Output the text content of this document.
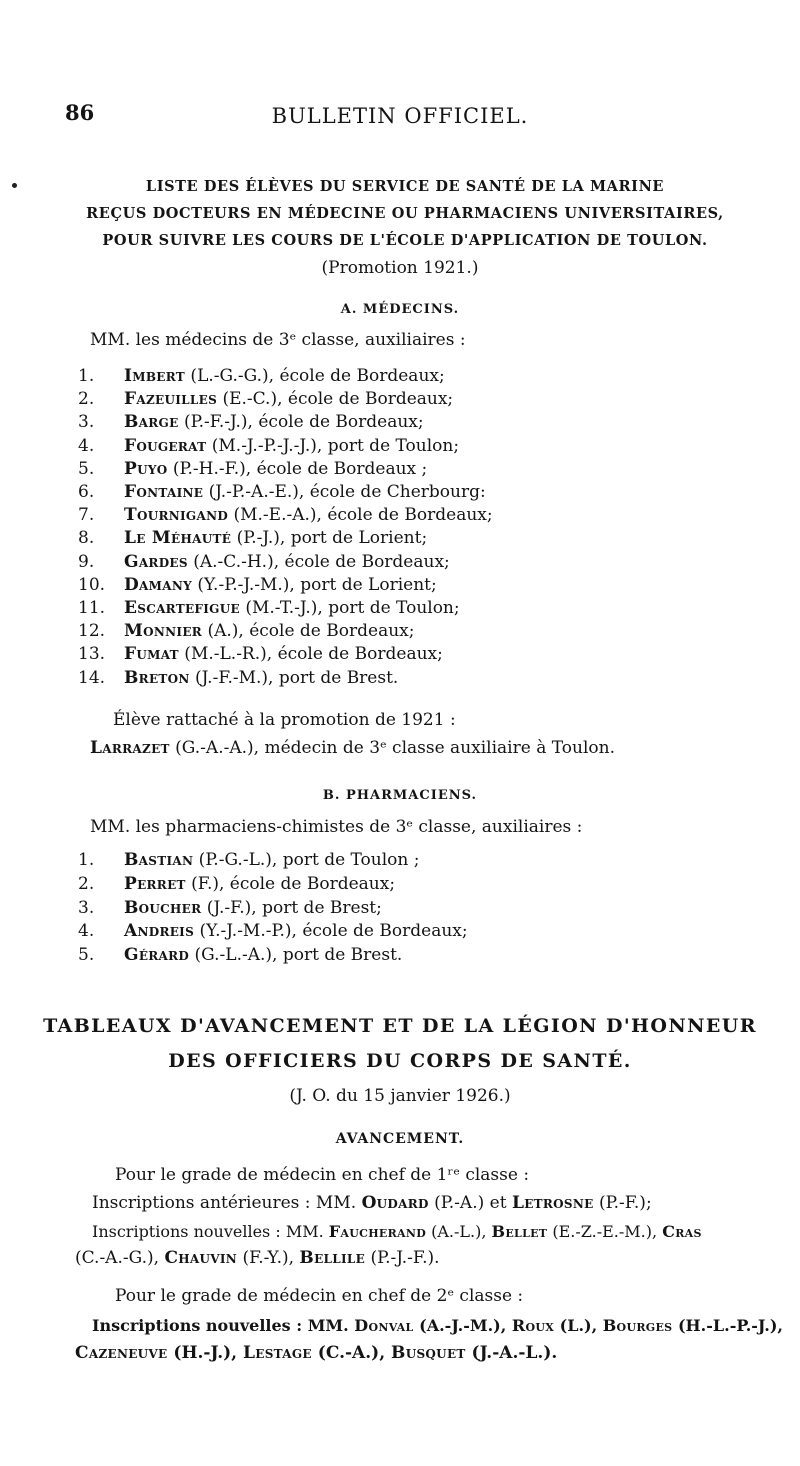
86	BULLETIN OFFICIEL.
LISTE DES ÉLÈVES DU SERVICE DE SANTÉ DE LA MARINE
REÇUS DOCTEURS EN MÉDECINE OU PHARMACIENS UNIVERSITAIRES,
POUR SUIVRE LES COURS DE L'ÉCOLE D'APPLICATION DE TOULON.
(Promotion 1921.)
A. MÉDECINS.
MM. les médecins de 3ᵉ classe, auxiliaires :
1. Imbert (L.-G.-G.), école de Bordeaux;
2. Fazeuilles (E.-C.), école de Bordeaux;
3. Barge (P.-F.-J.), école de Bordeaux;
4. Fougerat (M.-J.-P.-J.-J.), port de Toulon;
5. Puyo (P.-H.-F.), école de Bordeaux ;
6. Fontaine (J.-P.-A.-E.), école de Cherbourg:
7. Tournigand (M.-E.-A.), école de Bordeaux;
8. Le Méhauté (P.-J.), port de Lorient;
9. Gardes (A.-C.-H.), école de Bordeaux;
10. Damany (Y.-P.-J.-M.), port de Lorient;
11. Escartefigue (M.-T.-J.), port de Toulon;
12. Monnier (A.), école de Bordeaux;
13. Fumat (M.-L.-R.), école de Bordeaux;
14. Breton (J.-F.-M.), port de Brest.
Élève rattaché à la promotion de 1921 :
Larrazet (G.-A.-A.), médecin de 3ᵉ classe auxiliaire à Toulon.
B. PHARMACIENS.
MM. les pharmaciens-chimistes de 3ᵉ classe, auxiliaires :
1. Bastian (P.-G.-L.), port de Toulon ;
2. Perret (F.), école de Bordeaux;
3. Boucher (J.-F.), port de Brest;
4. Andreis (Y.-J.-M.-P.), école de Bordeaux;
5. Gérard (G.-L.-A.), port de Brest.
TABLEAUX D'AVANCEMENT ET DE LA LÉGION D'HONNEUR
DES OFFICIERS DU CORPS DE SANTÉ.
(J. O. du 15 janvier 1926.)
AVANCEMENT.
Pour le grade de médecin en chef de 1ʳᵉ classe :
Inscriptions antérieures : MM. Oudard (P.-A.) et Letrosne (P.-F.);
Inscriptions nouvelles : MM. Faucherand (A.-L.), Bellet (E.-Z.-E.-M.), Cras
(C.-A.-G.), Chauvin (F.-Y.), Bellile (P.-J.-F.).
Pour le grade de médecin en chef de 2ᵉ classe :
Inscriptions nouvelles : MM. Donval (A.-J.-M.), Roux (L.), Bourges (H.-L.-P.-J.),
Cazeneuve (H.-J.), Lestage (C.-A.), Busquet (J.-A.-L.).
